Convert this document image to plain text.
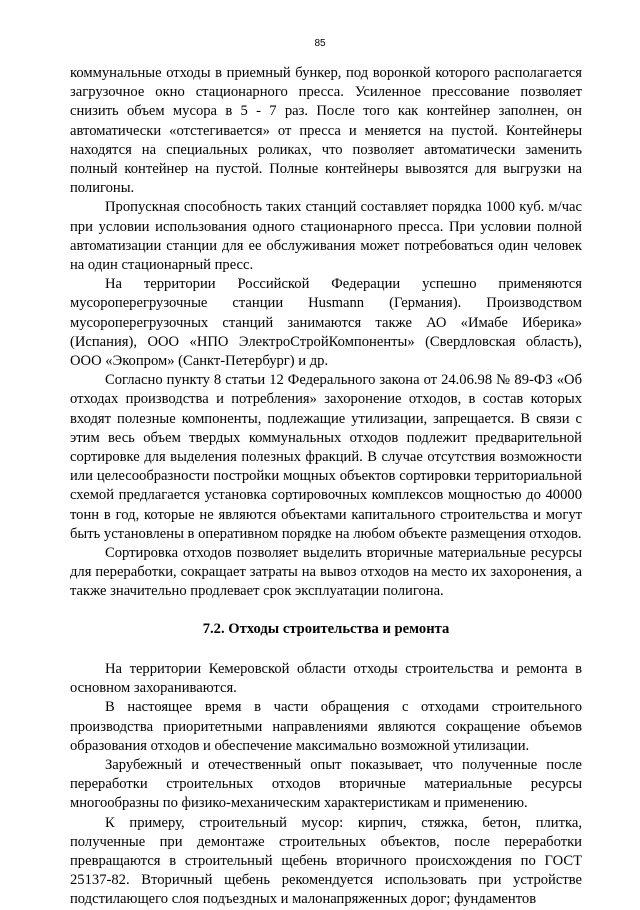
85

коммунальные отходы в приемный бункер, под воронкой которого располагается загрузочное окно стационарного пресса. Усиленное прессование позволяет снизить объем мусора в 5 - 7 раз. После того как контейнер заполнен, он автоматически «отстегивается» от пресса и меняется на пустой. Контейнеры находятся на специальных роликах, что позволяет автоматически заменить полный контейнер на пустой. Полные контейнеры вывозятся для выгрузки на полигоны.

Пропускная способность таких станций составляет порядка 1000 куб. м/час при условии использования одного стационарного пресса. При условии полной автоматизации станции для ее обслуживания может потребоваться один человек на один стационарный пресс.

На территории Российской Федерации успешно применяются мусороперегрузочные станции Husmann (Германия). Производством мусороперегрузочных станций занимаются также АО «Имабе Иберика» (Испания), ООО «НПО ЭлектроСтройКомпоненты» (Свердловская область), ООО «Экопром» (Санкт-Петербург) и др.

Согласно пункту 8 статьи 12 Федерального закона от 24.06.98 № 89-ФЗ «Об отходах производства и потребления» захоронение отходов, в состав которых входят полезные компоненты, подлежащие утилизации, запрещается. В связи с этим весь объем твердых коммунальных отходов подлежит предварительной сортировке для выделения полезных фракций. В случае отсутствия возможности или целесообразности постройки мощных объектов сортировки территориальной схемой предлагается установка сортировочных комплексов мощностью до 40000 тонн в год, которые не являются объектами капитального строительства и могут быть установлены в оперативном порядке на любом объекте размещения отходов.

Сортировка отходов позволяет выделить вторичные материальные ресурсы для переработки, сокращает затраты на вывоз отходов на место их захоронения, а также значительно продлевает срок эксплуатации полигона.

7.2. Отходы строительства и ремонта

На территории Кемеровской области отходы строительства и ремонта в основном захораниваются.

В настоящее время в части обращения с отходами строительного производства приоритетными направлениями являются сокращение объемов образования отходов и обеспечение максимально возможной утилизации.

Зарубежный и отечественный опыт показывает, что полученные после переработки строительных отходов вторичные материальные ресурсы многообразны по физико-механическим характеристикам и применению.

К примеру, строительный мусор: кирпич, стяжка, бетон, плитка, полученные при демонтаже строительных объектов, после переработки превращаются в строительный щебень вторичного происхождения по ГОСТ 25137-82. Вторичный щебень рекомендуется использовать при устройстве подстилающего слоя подъездных и малонапряженных дорог; фундаментов
